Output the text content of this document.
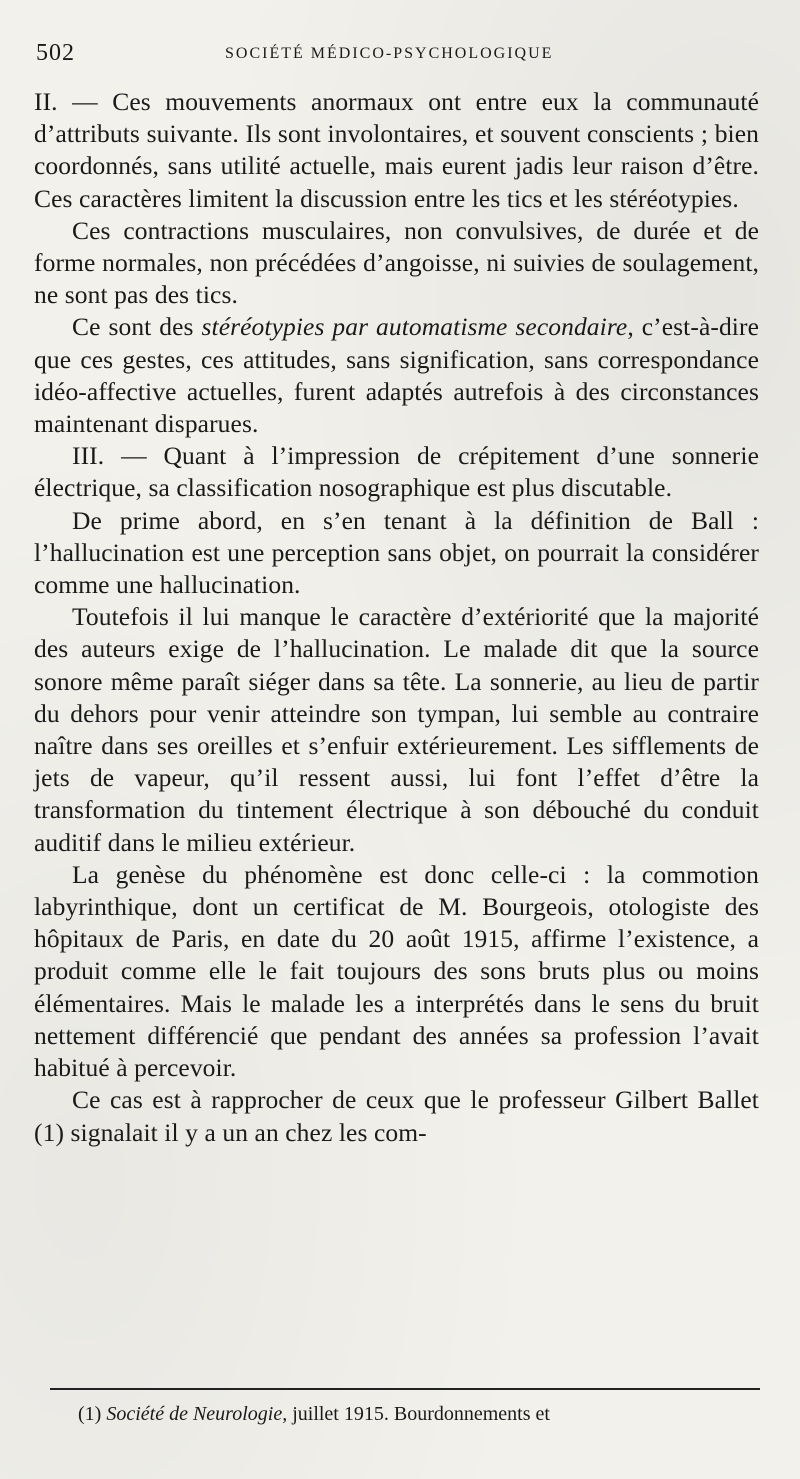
502	SOCIÉTÉ MÉDICO-PSYCHOLOGIQUE

II. — Ces mouvements anormaux ont entre eux la communauté d’attributs suivante. Ils sont involontaires, et souvent conscients ; bien coordonnés, sans utilité actuelle, mais eurent jadis leur raison d’être. Ces caractères limitent la discussion entre les tics et les stéréotypies.

Ces contractions musculaires, non convulsives, de durée et de forme normales, non précédées d’angoisse, ni suivies de soulagement, ne sont pas des tics.

Ce sont des stéréotypies par automatisme secondaire, c’est-à-dire que ces gestes, ces attitudes, sans signification, sans correspondance idéo-affective actuelles, furent adaptés autrefois à des circonstances maintenant disparues.

III. — Quant à l’impression de crépitement d’une sonnerie électrique, sa classification nosographique est plus discutable.

De prime abord, en s’en tenant à la définition de Ball : l’hallucination est une perception sans objet, on pourrait la considérer comme une hallucination.

Toutefois il lui manque le caractère d’extériorité que la majorité des auteurs exige de l’hallucination. Le malade dit que la source sonore même paraît siéger dans sa tête. La sonnerie, au lieu de partir du dehors pour venir atteindre son tympan, lui semble au contraire naître dans ses oreilles et s’enfuir extérieurement. Les sifflements de jets de vapeur, qu’il ressent aussi, lui font l’effet d’être la transformation du tintement électrique à son débouché du conduit auditif dans le milieu extérieur.

La genèse du phénomène est donc celle-ci : la commotion labyrinthique, dont un certificat de M. Bourgeois, otologiste des hôpitaux de Paris, en date du 20 août 1915, affirme l’existence, a produit comme elle le fait toujours des sons bruts plus ou moins élémentaires. Mais le malade les a interprétés dans le sens du bruit nettement différencié que pendant des années sa profession l’avait habitué à percevoir.

Ce cas est à rapprocher de ceux que le professeur Gilbert Ballet (1) signalait il y a un an chez les com-

(1) Société de Neurologie, juillet 1915. Bourdonnements et
